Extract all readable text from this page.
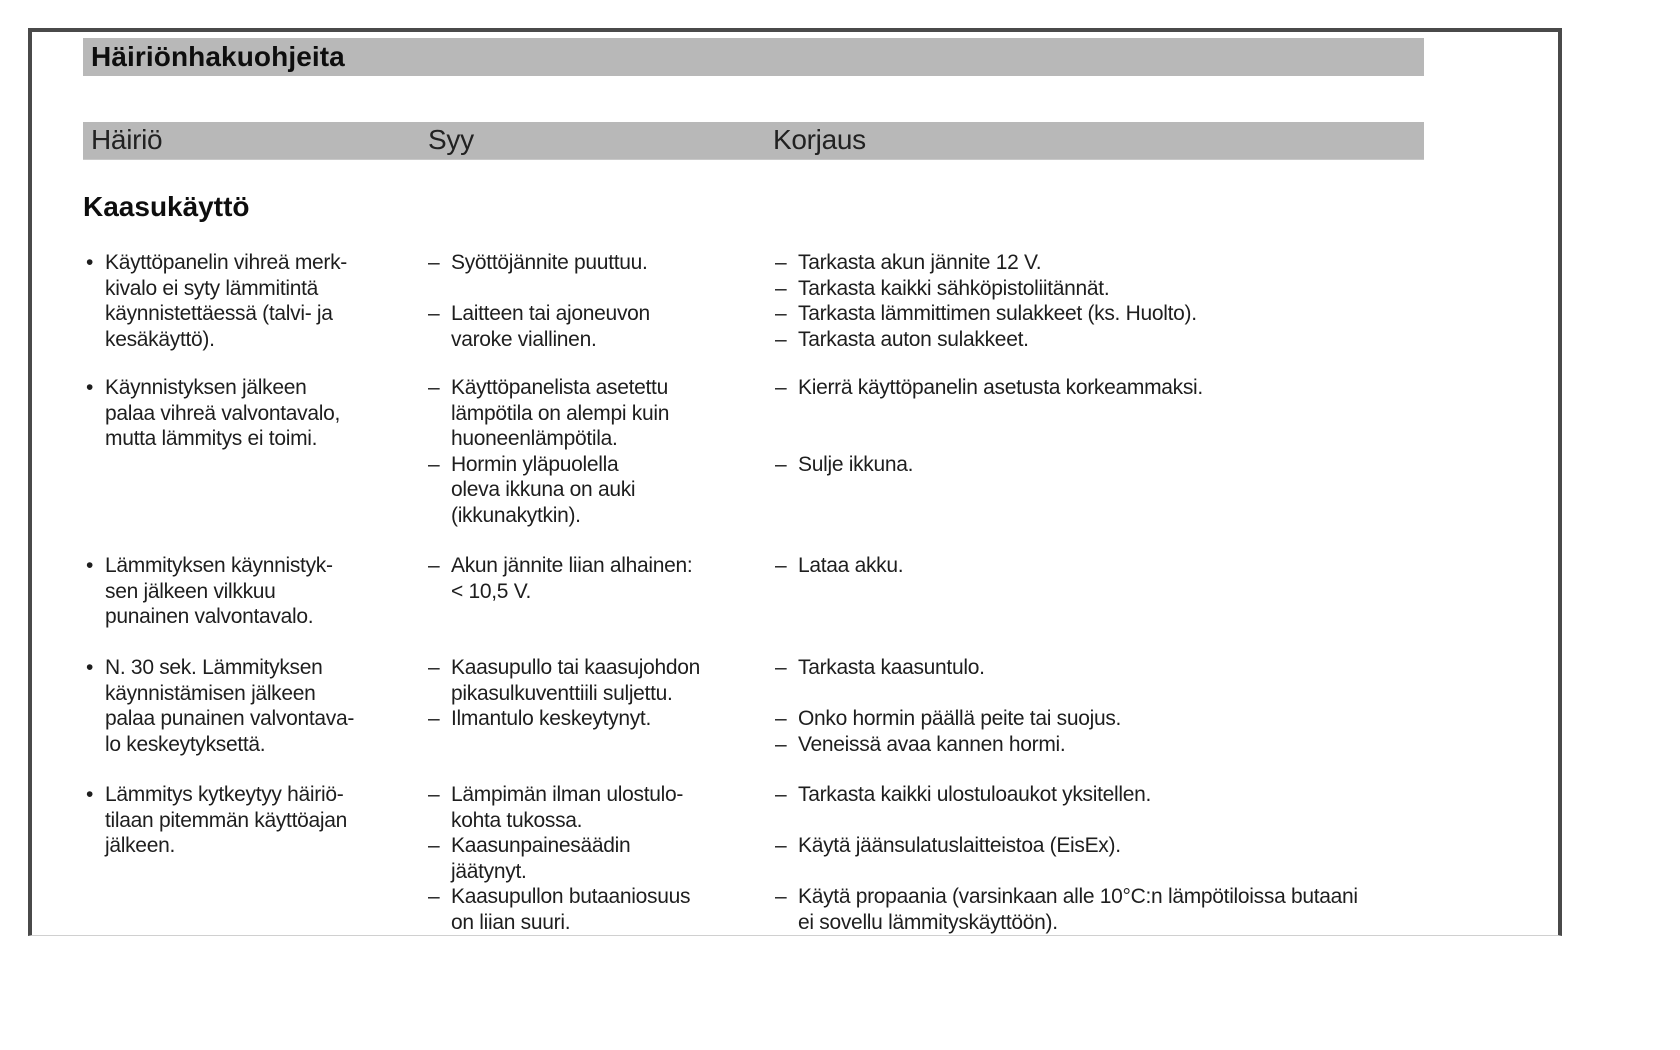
Häiriönhakuohjeita
Häiriö	Syy	Korjaus
Kaasukäyttö
• Käyttöpanelin vihreä merk-
kivalo ei syty lämmitintä
käynnistettäessä (talvi- ja
kesäkäyttö).
– Syöttöjännite puuttuu.
– Laitteen tai ajoneuvon
varoke viallinen.
– Tarkasta akun jännite 12 V.
– Tarkasta kaikki sähköpistoliitännät.
– Tarkasta lämmittimen sulakkeet (ks. Huolto).
– Tarkasta auton sulakkeet.
• Käynnistyksen jälkeen
palaa vihreä valvontavalo,
mutta lämmitys ei toimi.
– Käyttöpanelista asetettu
lämpötila on alempi kuin
huoneenlämpötila.
– Hormin yläpuolella
oleva ikkuna on auki
(ikkunakytkin).
– Kierrä käyttöpanelin asetusta korkeammaksi.
– Sulje ikkuna.
• Lämmityksen käynnistyk-
sen jälkeen vilkkuu
punainen valvontavalo.
– Akun jännite liian alhainen:
< 10,5 V.
– Lataa akku.
• N. 30 sek. Lämmityksen
käynnistämisen jälkeen
palaa punainen valvontava-
lo keskeytyksettä.
– Kaasupullo tai kaasujohdon
pikasulkuventtiili suljettu.
– Ilmantulo keskeytynyt.
– Tarkasta kaasuntulo.
– Onko hormin päällä peite tai suojus.
– Veneissä avaa kannen hormi.
• Lämmitys kytkeytyy häiriö-
tilaan pitemmän käyttöajan
jälkeen.
– Lämpimän ilman ulostulo-
kohta tukossa.
– Kaasunpainesäädin
jäätynyt.
– Kaasupullon butaaniosuus
on liian suuri.
– Tarkasta kaikki ulostuloaukot yksitellen.
– Käytä jäänsulatuslaitteistoa (EisEx).
– Käytä propaania (varsinkaan alle 10°C:n lämpötiloissa butaani
ei sovellu lämmityskäyttöön).
